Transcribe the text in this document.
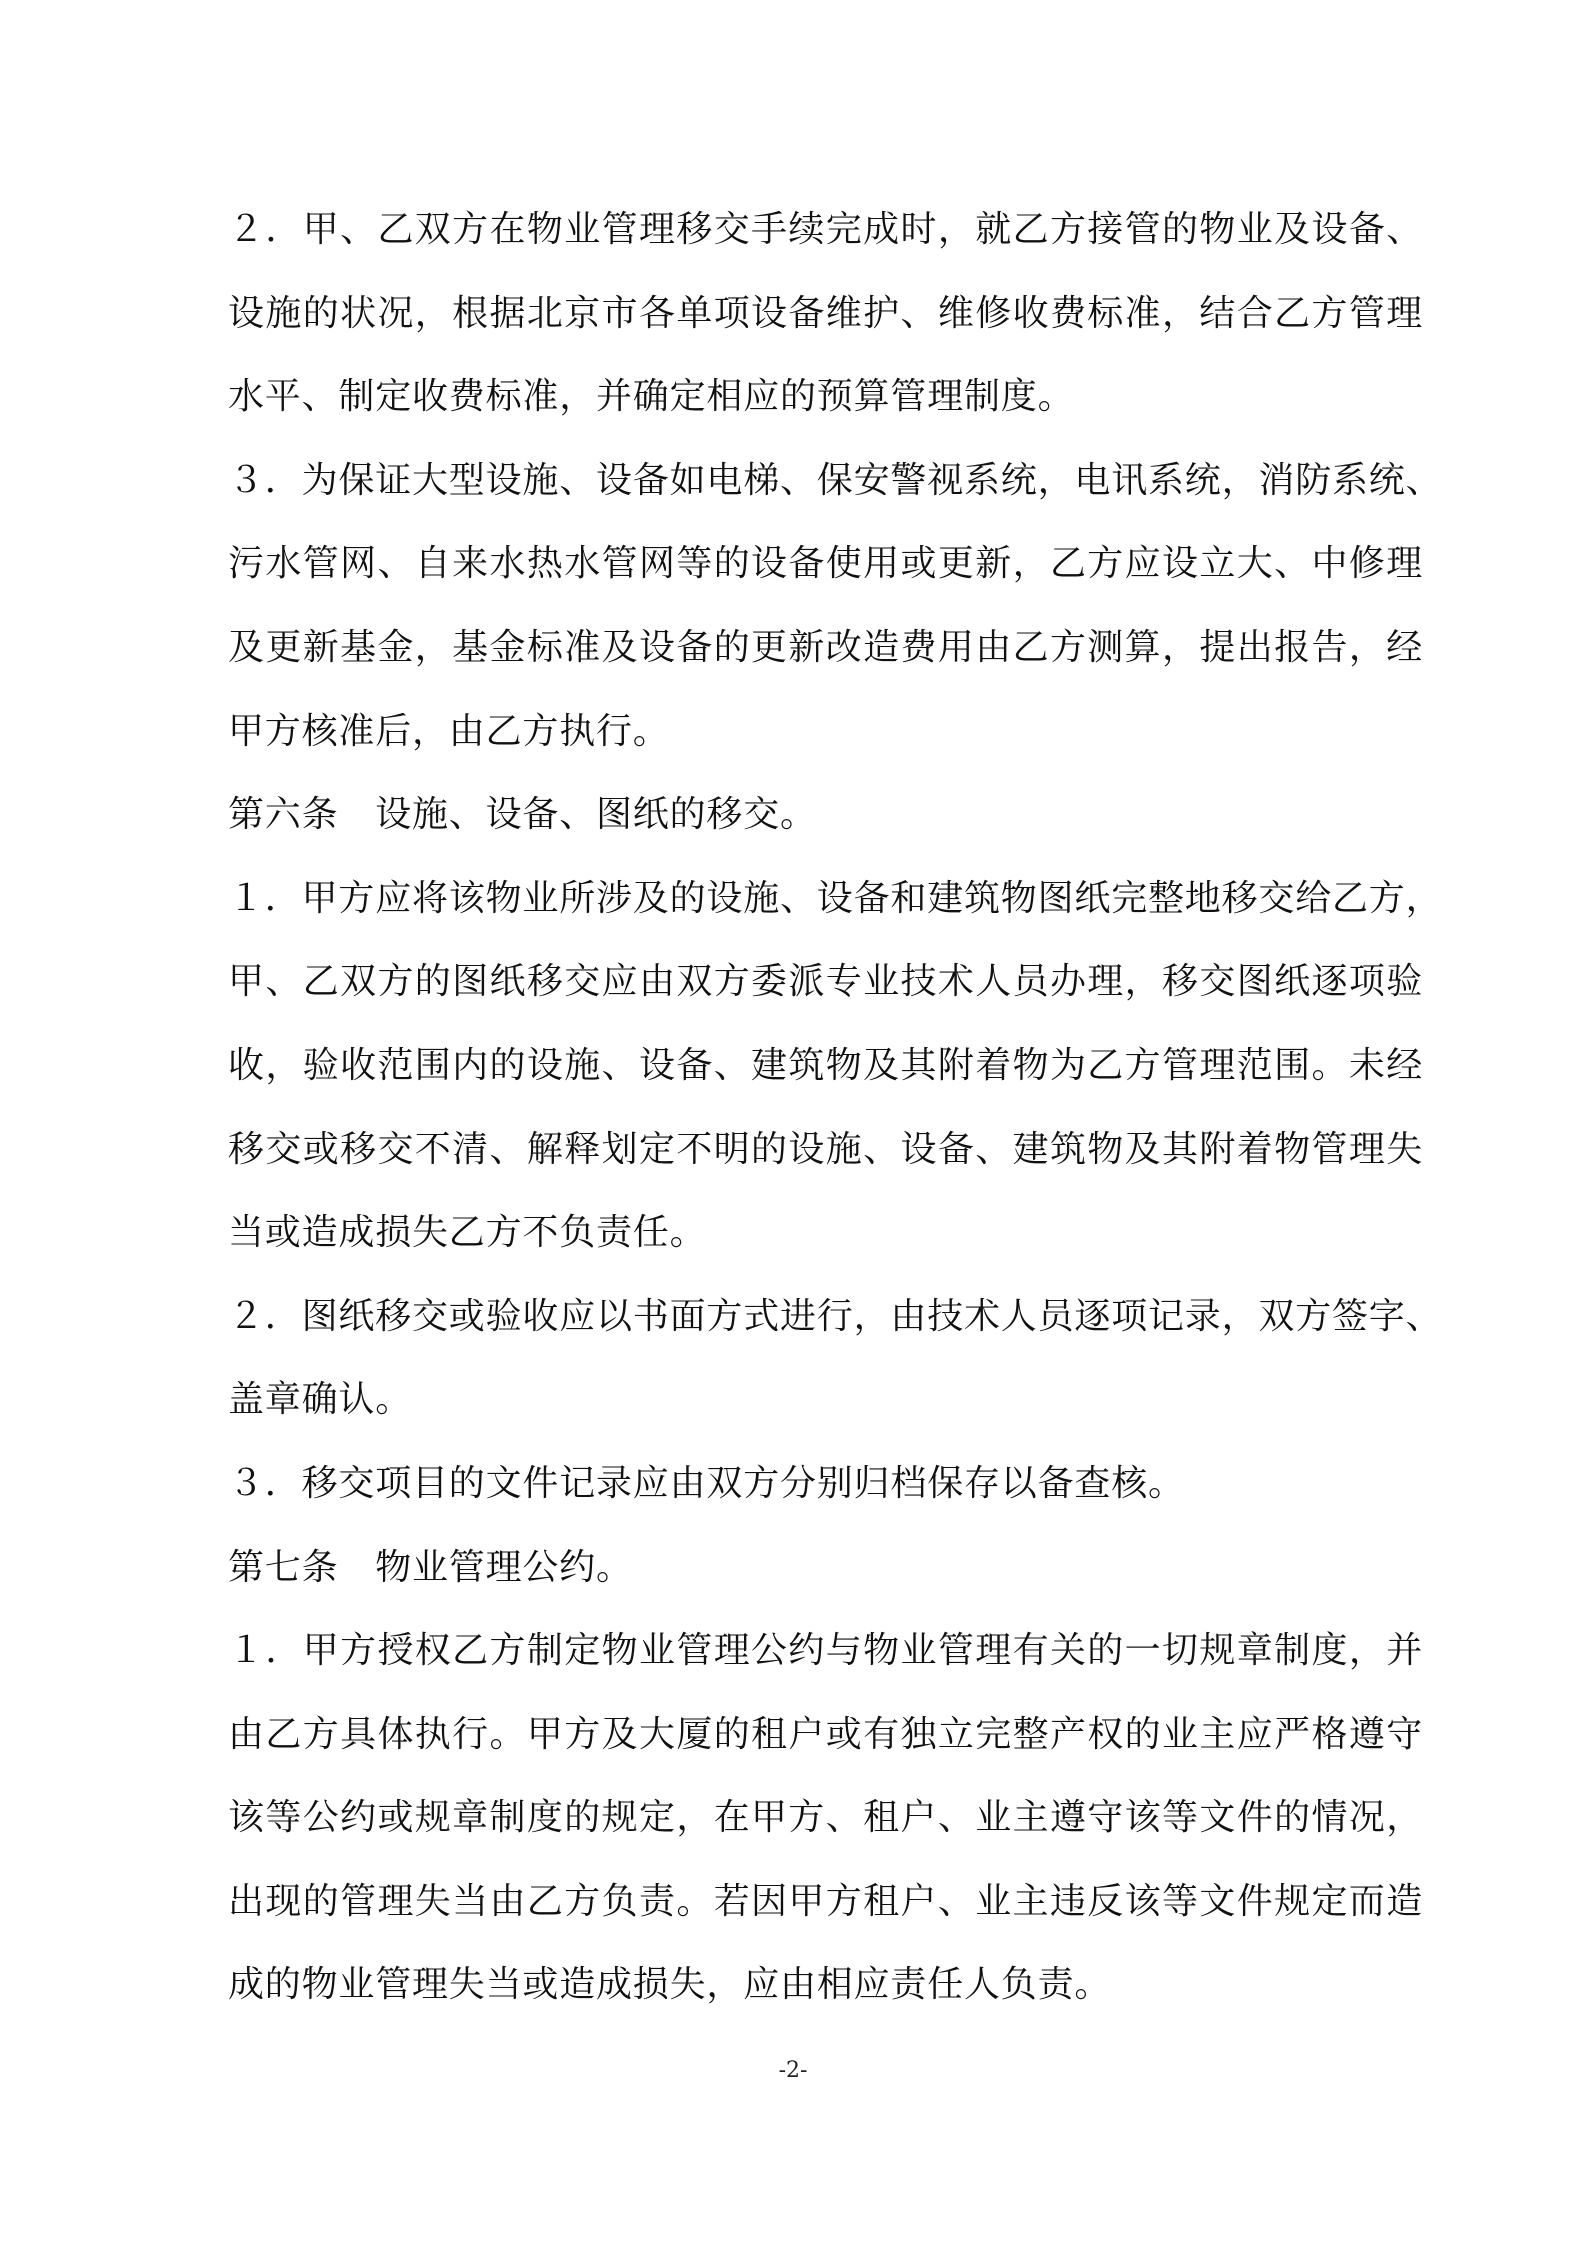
２．甲、乙双方在物业管理移交手续完成时，就乙方接管的物业及设备、
设施的状况，根据北京市各单项设备维护、维修收费标准，结合乙方管理
水平、制定收费标准，并确定相应的预算管理制度。
３．为保证大型设施、设备如电梯、保安警视系统，电讯系统，消防系统、
污水管网、自来水热水管网等的设备使用或更新，乙方应设立大、中修理
及更新基金，基金标准及设备的更新改造费用由乙方测算，提出报告，经
甲方核准后，由乙方执行。
第六条　设施、设备、图纸的移交。
１．甲方应将该物业所涉及的设施、设备和建筑物图纸完整地移交给乙方，
甲、乙双方的图纸移交应由双方委派专业技术人员办理，移交图纸逐项验
收，验收范围内的设施、设备、建筑物及其附着物为乙方管理范围。未经
移交或移交不清、解释划定不明的设施、设备、建筑物及其附着物管理失
当或造成损失乙方不负责任。
２．图纸移交或验收应以书面方式进行，由技术人员逐项记录，双方签字、
盖章确认。
３．移交项目的文件记录应由双方分别归档保存以备查核。
第七条　物业管理公约。
１．甲方授权乙方制定物业管理公约与物业管理有关的一切规章制度，并
由乙方具体执行。甲方及大厦的租户或有独立完整产权的业主应严格遵守
该等公约或规章制度的规定，在甲方、租户、业主遵守该等文件的情况，
出现的管理失当由乙方负责。若因甲方租户、业主违反该等文件规定而造
成的物业管理失当或造成损失，应由相应责任人负责。
-2-
